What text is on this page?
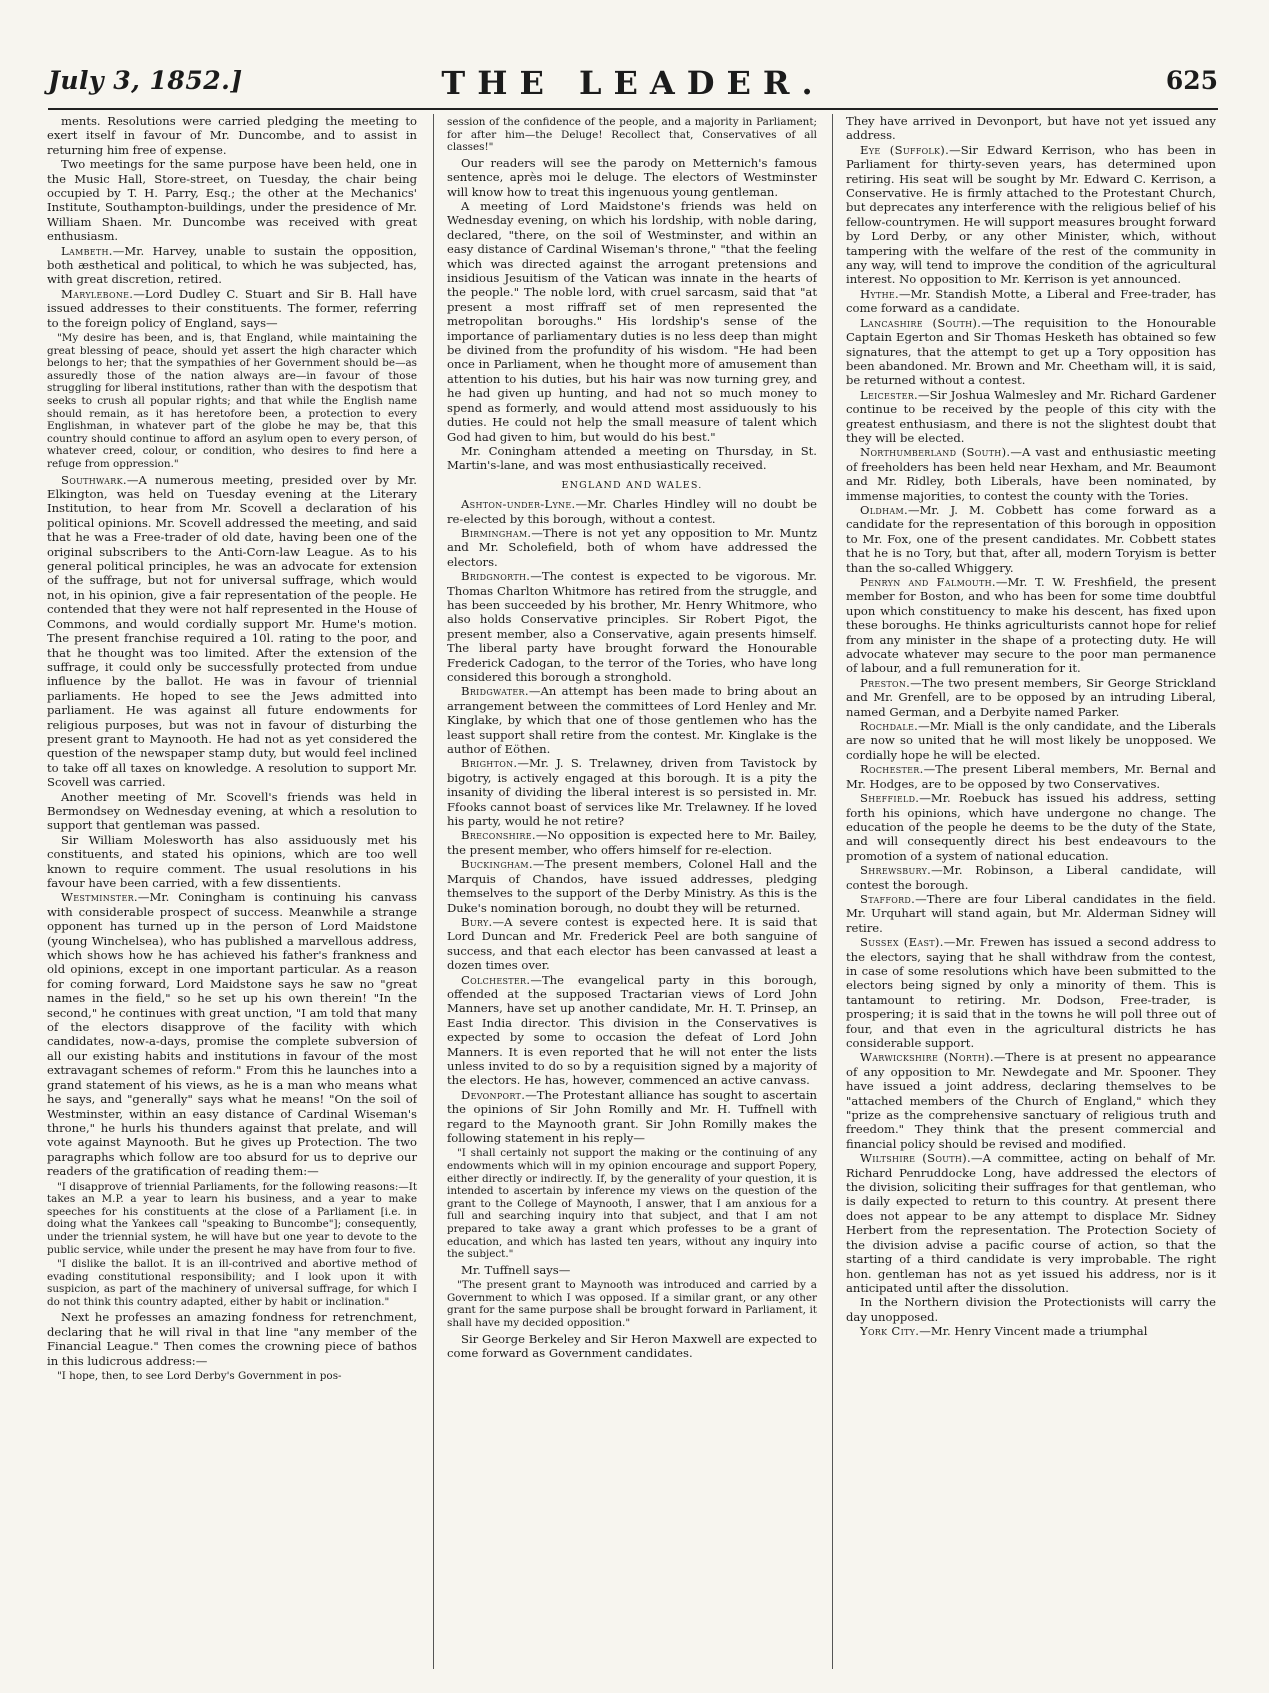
July 3, 1852.]	THE LEADER.	625

ments. Resolutions were carried pledging the meeting to exert itself in favour of Mr. Duncombe, and to assist in returning him free of expense.

Two meetings for the same purpose have been held, one in the Music Hall, Store-street, on Tuesday, the chair being occupied by T. H. Parry, Esq.; the other at the Mechanics' Institute, Southampton-buildings, under the presidence of Mr. William Shaen. Mr. Duncombe was received with great enthusiasm.

Lambeth.—Mr. Harvey, unable to sustain the opposition, both æsthetical and political, to which he was subjected, has, with great discretion, retired.

Marylebone.—Lord Dudley C. Stuart and Sir B. Hall have issued addresses to their constituents. The former, referring to the foreign policy of England, says—

"My desire has been, and is, that England, while maintaining the great blessing of peace, should yet assert the high character which belongs to her; that the sympathies of her Government should be—as assuredly those of the nation always are—in favour of those struggling for liberal institutions, rather than with the despotism that seeks to crush all popular rights; and that while the English name should remain, as it has heretofore been, a protection to every Englishman, in whatever part of the globe he may be, that this country should continue to afford an asylum open to every person, of whatever creed, colour, or condition, who desires to find here a refuge from oppression."

Southwark.—A numerous meeting, presided over by Mr. Elkington, was held on Tuesday evening at the Literary Institution, to hear from Mr. Scovell a declaration of his political opinions. Mr. Scovell addressed the meeting, and said that he was a Free-trader of old date, having been one of the original subscribers to the Anti-Corn-law League. As to his general political principles, he was an advocate for extension of the suffrage, but not for universal suffrage, which would not, in his opinion, give a fair representation of the people. He contended that they were not half represented in the House of Commons, and would cordially support Mr. Hume's motion. The present franchise required a 10l. rating to the poor, and that he thought was too limited. After the extension of the suffrage, it could only be successfully protected from undue influence by the ballot. He was in favour of triennial parliaments. He hoped to see the Jews admitted into parliament. He was against all future endowments for religious purposes, but was not in favour of disturbing the present grant to Maynooth. He had not as yet considered the question of the newspaper stamp duty, but would feel inclined to take off all taxes on knowledge. A resolution to support Mr. Scovell was carried.

Another meeting of Mr. Scovell's friends was held in Bermondsey on Wednesday evening, at which a resolution to support that gentleman was passed.

Sir William Molesworth has also assiduously met his constituents, and stated his opinions, which are too well known to require comment. The usual resolutions in his favour have been carried, with a few dissentients.

Westminster.—Mr. Coningham is continuing his canvass with considerable prospect of success. Meanwhile a strange opponent has turned up in the person of Lord Maidstone (young Winchelsea), who has published a marvellous address, which shows how he has achieved his father's frankness and old opinions, except in one important particular. As a reason for coming forward, Lord Maidstone says he saw no "great names in the field," so he set up his own therein! "In the second," he continues with great unction, "I am told that many of the electors disapprove of the facility with which candidates, now-a-days, promise the complete subversion of all our existing habits and institutions in favour of the most extravagant schemes of reform." From this he launches into a grand statement of his views, as he is a man who means what he says, and "generally" says what he means! "On the soil of Westminster, within an easy distance of Cardinal Wiseman's throne," he hurls his thunders against that prelate, and will vote against Maynooth. But he gives up Protection. The two paragraphs which follow are too absurd for us to deprive our readers of the gratification of reading them:—

"I disapprove of triennial Parliaments, for the following reasons:—It takes an M.P. a year to learn his business, and a year to make speeches for his constituents at the close of a Parliament [i.e. in doing what the Yankees call "speaking to Buncombe"]; consequently, under the triennial system, he will have but one year to devote to the public service, while under the present he may have from four to five.

"I dislike the ballot. It is an ill-contrived and abortive method of evading constitutional responsibility; and I look upon it with suspicion, as part of the machinery of universal suffrage, for which I do not think this country adapted, either by habit or inclination."

Next he professes an amazing fondness for retrenchment, declaring that he will rival in that line "any member of the Financial League." Then comes the crowning piece of bathos in this ludicrous address:—

"I hope, then, to see Lord Derby's Government in pos-

session of the confidence of the people, and a majority in Parliament; for after him—the Deluge! Recollect that, Conservatives of all classes!"

Our readers will see the parody on Metternich's famous sentence, après moi le deluge. The electors of Westminster will know how to treat this ingenuous young gentleman.

A meeting of Lord Maidstone's friends was held on Wednesday evening, on which his lordship, with noble daring, declared, "there, on the soil of Westminster, and within an easy distance of Cardinal Wiseman's throne," "that the feeling which was directed against the arrogant pretensions and insidious Jesuitism of the Vatican was innate in the hearts of the people." The noble lord, with cruel sarcasm, said that "at present a most riffraff set of men represented the metropolitan boroughs." His lordship's sense of the importance of parliamentary duties is no less deep than might be divined from the profundity of his wisdom. "He had been once in Parliament, when he thought more of amusement than attention to his duties, but his hair was now turning grey, and he had given up hunting, and had not so much money to spend as formerly, and would attend most assiduously to his duties. He could not help the small measure of talent which God had given to him, but would do his best."

Mr. Coningham attended a meeting on Thursday, in St. Martin's-lane, and was most enthusiastically received.

ENGLAND AND WALES.

Ashton-under-Lyne.—Mr. Charles Hindley will no doubt be re-elected by this borough, without a contest.

Birmingham.—There is not yet any opposition to Mr. Muntz and Mr. Scholefield, both of whom have addressed the electors.

Bridgnorth.—The contest is expected to be vigorous. Mr. Thomas Charlton Whitmore has retired from the struggle, and has been succeeded by his brother, Mr. Henry Whitmore, who also holds Conservative principles. Sir Robert Pigot, the present member, also a Conservative, again presents himself. The liberal party have brought forward the Honourable Frederick Cadogan, to the terror of the Tories, who have long considered this borough a stronghold.

Bridgwater.—An attempt has been made to bring about an arrangement between the committees of Lord Henley and Mr. Kinglake, by which that one of those gentlemen who has the least support shall retire from the contest. Mr. Kinglake is the author of Eöthen.

Brighton.—Mr. J. S. Trelawney, driven from Tavistock by bigotry, is actively engaged at this borough. It is a pity the insanity of dividing the liberal interest is so persisted in. Mr. Ffooks cannot boast of services like Mr. Trelawney. If he loved his party, would he not retire?

Breconshire.—No opposition is expected here to Mr. Bailey, the present member, who offers himself for re-election.

Buckingham.—The present members, Colonel Hall and the Marquis of Chandos, have issued addresses, pledging themselves to the support of the Derby Ministry. As this is the Duke's nomination borough, no doubt they will be returned.

Bury.—A severe contest is expected here. It is said that Lord Duncan and Mr. Frederick Peel are both sanguine of success, and that each elector has been canvassed at least a dozen times over.

Colchester.—The evangelical party in this borough, offended at the supposed Tractarian views of Lord John Manners, have set up another candidate, Mr. H. T. Prinsep, an East India director. This division in the Conservatives is expected by some to occasion the defeat of Lord John Manners. It is even reported that he will not enter the lists unless invited to do so by a requisition signed by a majority of the electors. He has, however, commenced an active canvass.

Devonport.—The Protestant alliance has sought to ascertain the opinions of Sir John Romilly and Mr. H. Tuffnell with regard to the Maynooth grant. Sir John Romilly makes the following statement in his reply—

"I shall certainly not support the making or the continuing of any endowments which will in my opinion encourage and support Popery, either directly or indirectly. If, by the generality of your question, it is intended to ascertain by inference my views on the question of the grant to the College of Maynooth, I answer, that I am anxious for a full and searching inquiry into that subject, and that I am not prepared to take away a grant which professes to be a grant of education, and which has lasted ten years, without any inquiry into the subject."

Mr. Tuffnell says—

"The present grant to Maynooth was introduced and carried by a Government to which I was opposed. If a similar grant, or any other grant for the same purpose shall be brought forward in Parliament, it shall have my decided opposition."

Sir George Berkeley and Sir Heron Maxwell are expected to come forward as Government candidates.

They have arrived in Devonport, but have not yet issued any address.

Eye (Suffolk).—Sir Edward Kerrison, who has been in Parliament for thirty-seven years, has determined upon retiring. His seat will be sought by Mr. Edward C. Kerrison, a Conservative. He is firmly attached to the Protestant Church, but deprecates any interference with the religious belief of his fellow-countrymen. He will support measures brought forward by Lord Derby, or any other Minister, which, without tampering with the welfare of the rest of the community in any way, will tend to improve the condition of the agricultural interest. No opposition to Mr. Kerrison is yet announced.

Hythe.—Mr. Standish Motte, a Liberal and Free-trader, has come forward as a candidate.

Lancashire (South).—The requisition to the Honourable Captain Egerton and Sir Thomas Hesketh has obtained so few signatures, that the attempt to get up a Tory opposition has been abandoned. Mr. Brown and Mr. Cheetham will, it is said, be returned without a contest.

Leicester.—Sir Joshua Walmesley and Mr. Richard Gardener continue to be received by the people of this city with the greatest enthusiasm, and there is not the slightest doubt that they will be elected.

Northumberland (South).—A vast and enthusiastic meeting of freeholders has been held near Hexham, and Mr. Beaumont and Mr. Ridley, both Liberals, have been nominated, by immense majorities, to contest the county with the Tories.

Oldham.—Mr. J. M. Cobbett has come forward as a candidate for the representation of this borough in opposition to Mr. Fox, one of the present candidates. Mr. Cobbett states that he is no Tory, but that, after all, modern Toryism is better than the so-called Whiggery.

Penryn and Falmouth.—Mr. T. W. Freshfield, the present member for Boston, and who has been for some time doubtful upon which constituency to make his descent, has fixed upon these boroughs. He thinks agriculturists cannot hope for relief from any minister in the shape of a protecting duty. He will advocate whatever may secure to the poor man permanence of labour, and a full remuneration for it.

Preston.—The two present members, Sir George Strickland and Mr. Grenfell, are to be opposed by an intruding Liberal, named German, and a Derbyite named Parker.

Rochdale.—Mr. Miall is the only candidate, and the Liberals are now so united that he will most likely be unopposed. We cordially hope he will be elected.

Rochester.—The present Liberal members, Mr. Bernal and Mr. Hodges, are to be opposed by two Conservatives.

Sheffield.—Mr. Roebuck has issued his address, setting forth his opinions, which have undergone no change. The education of the people he deems to be the duty of the State, and will consequently direct his best endeavours to the promotion of a system of national education.

Shrewsbury.—Mr. Robinson, a Liberal candidate, will contest the borough.

Stafford.—There are four Liberal candidates in the field. Mr. Urquhart will stand again, but Mr. Alderman Sidney will retire.

Sussex (East).—Mr. Frewen has issued a second address to the electors, saying that he shall withdraw from the contest, in case of some resolutions which have been submitted to the electors being signed by only a minority of them. This is tantamount to retiring. Mr. Dodson, Free-trader, is prospering; it is said that in the towns he will poll three out of four, and that even in the agricultural districts he has considerable support.

Warwickshire (North).—There is at present no appearance of any opposition to Mr. Newdegate and Mr. Spooner. They have issued a joint address, declaring themselves to be "attached members of the Church of England," which they "prize as the comprehensive sanctuary of religious truth and freedom." They think that the present commercial and financial policy should be revised and modified.

Wiltshire (South).—A committee, acting on behalf of Mr. Richard Penruddocke Long, have addressed the electors of the division, soliciting their suffrages for that gentleman, who is daily expected to return to this country. At present there does not appear to be any attempt to displace Mr. Sidney Herbert from the representation. The Protection Society of the division advise a pacific course of action, so that the starting of a third candidate is very improbable. The right hon. gentleman has not as yet issued his address, nor is it anticipated until after the dissolution.

In the Northern division the Protectionists will carry the day unopposed.

York City.—Mr. Henry Vincent made a triumphal
